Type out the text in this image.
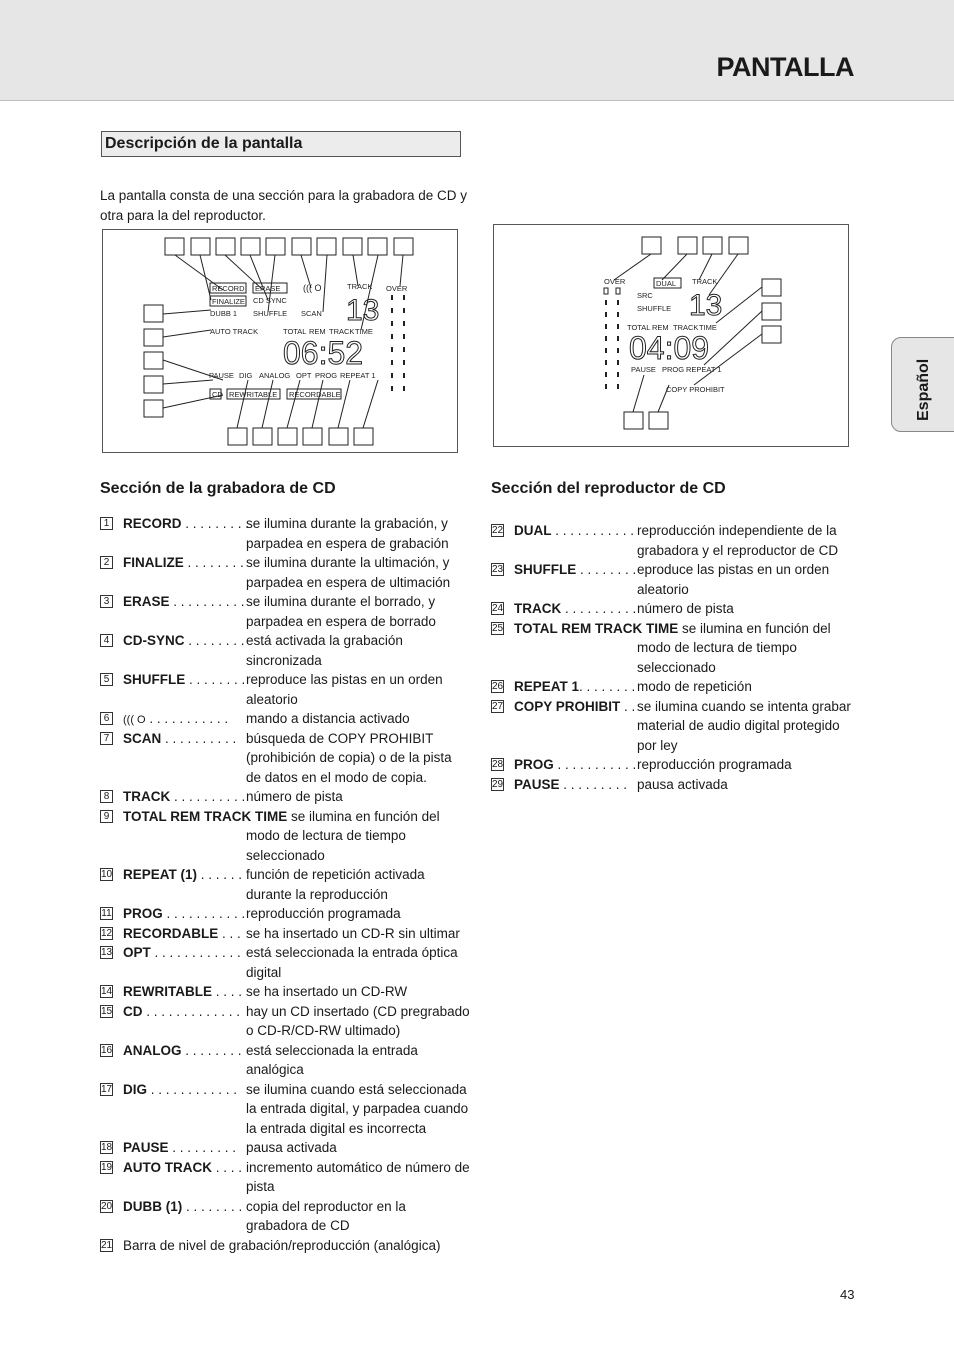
PANTALLA
Descripción de la pantalla
La pantalla consta de una sección para la grabadora de CD y otra para la del reproductor.
RECORD ERASE
FINALIZE CD SYNC
DUBB 1 SHUFFLE SCAN
TRACK OVER
((( O
AUTO TRACK	TOTAL REM TRACK TIME
PAUSE DIG ANALOG OPT PROG REPEAT 1
CD REWRITABLE RECORDABLE
13
06:52
OVER	DUAL TRACK
SRC
SHUFFLE
TOTAL REM TRACK TIME
PAUSE PROG REPEAT 1
COPY PROHIBIT
13
04:09
Español
Sección de la grabadora de CD
1 RECORD . . . . . . . . .
se ilumina durante la grabación, y
parpadea en espera de grabación
2 FINALIZE . . . . . . . . se ilumina durante la ultimación, y
parpadea en espera de ultimación
3 ERASE . . . . . . . . . . se ilumina durante el borrado, y
parpadea en espera de borrado
4 CD-SYNC . . . . . . . . está activada la grabación
sincronizada
5 SHUFFLE . . . . . . . . reproduce las pistas en un orden
aleatorio
6	((( O . . . . . . . . . . . mando a distancia activado
7 SCAN . . . . . . . . . . búsqueda de COPY PROHIBIT
(prohibición de copia) o de la pista
de datos en el modo de copia.
8 TRACK . . . . . . . . . . número de pista
9 TOTAL REM TRACK TIME se ilumina en función del

modo de lectura de tiempo
seleccionado
10 REPEAT (1) . . . . . . función de repetición activada
durante la reproducción
11 PROG . . . . . . . . . . . reproducción programada
12 RECORDABLE . . . se ha insertado un CD-R sin ultimar
13 OPT . . . . . . . . . . . . está seleccionada la entrada óptica
digital
14 REWRITABLE . . . . se ha insertado un CD-RW
15 CD . . . . . . . . . . . . . hay un CD insertado (CD pregrabado
o CD-R/CD-RW ultimado)
16 ANALOG . . . . . . . . está seleccionada la entrada
analógica
17 DIG . . . . . . . . . . . . se ilumina cuando está seleccionada
la entrada digital, y parpadea cuando
la entrada digital es incorrecta
18 PAUSE . . . . . . . . . pausa activada
19 AUTO TRACK . . . . incremento automático de número de
pista
20 DUBB (1) . . . . . . . . copia del reproductor en la
grabadora de CD
21 Barra de nivel de grabación/reproducción (analógica)
Sección del reproductor de CD
22 DUAL . . . . . . . . . . . reproducción independiente de la
grabadora y el reproductor de CD
23 SHUFFLE . . . . . . . . eproduce las pistas en un orden
aleatorio
24 TRACK . . . . . . . . . . número de pista
25 TOTAL REM TRACK TIME se ilumina en función del

modo de lectura de tiempo
seleccionado
26 REPEAT 1. . . . . . . . modo de repetición
27 COPY PROHIBIT . . se ilumina cuando se intenta grabar
material de audio digital protegido
por ley
28 PROG . . . . . . . . . . . reproducción programada
29 PAUSE . . . . . . . . . pausa activada
43
